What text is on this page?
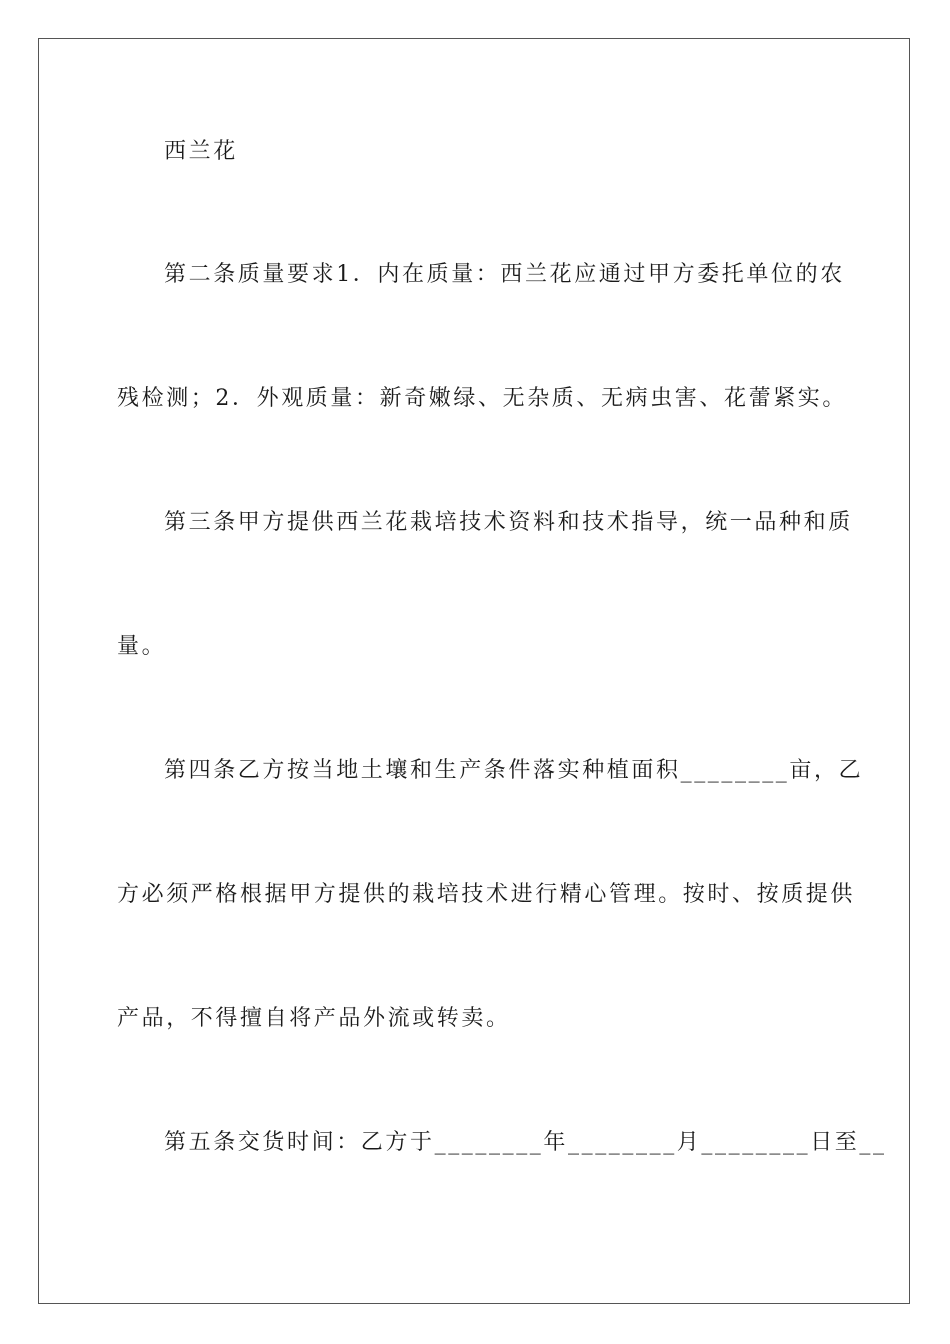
西兰花
第二条质量要求1．内在质量：西兰花应通过甲方委托单位的农
残检测；2．外观质量：新奇嫩绿、无杂质、无病虫害、花蕾紧实。
第三条甲方提供西兰花栽培技术资料和技术指导，统一品种和质
量。
第四条乙方按当地土壤和生产条件落实种植面积________亩，乙
方必须严格根据甲方提供的栽培技术进行精心管理。按时、按质提供
产品，不得擅自将产品外流或转卖。
第五条交货时间：乙方于________年________月________日至__
